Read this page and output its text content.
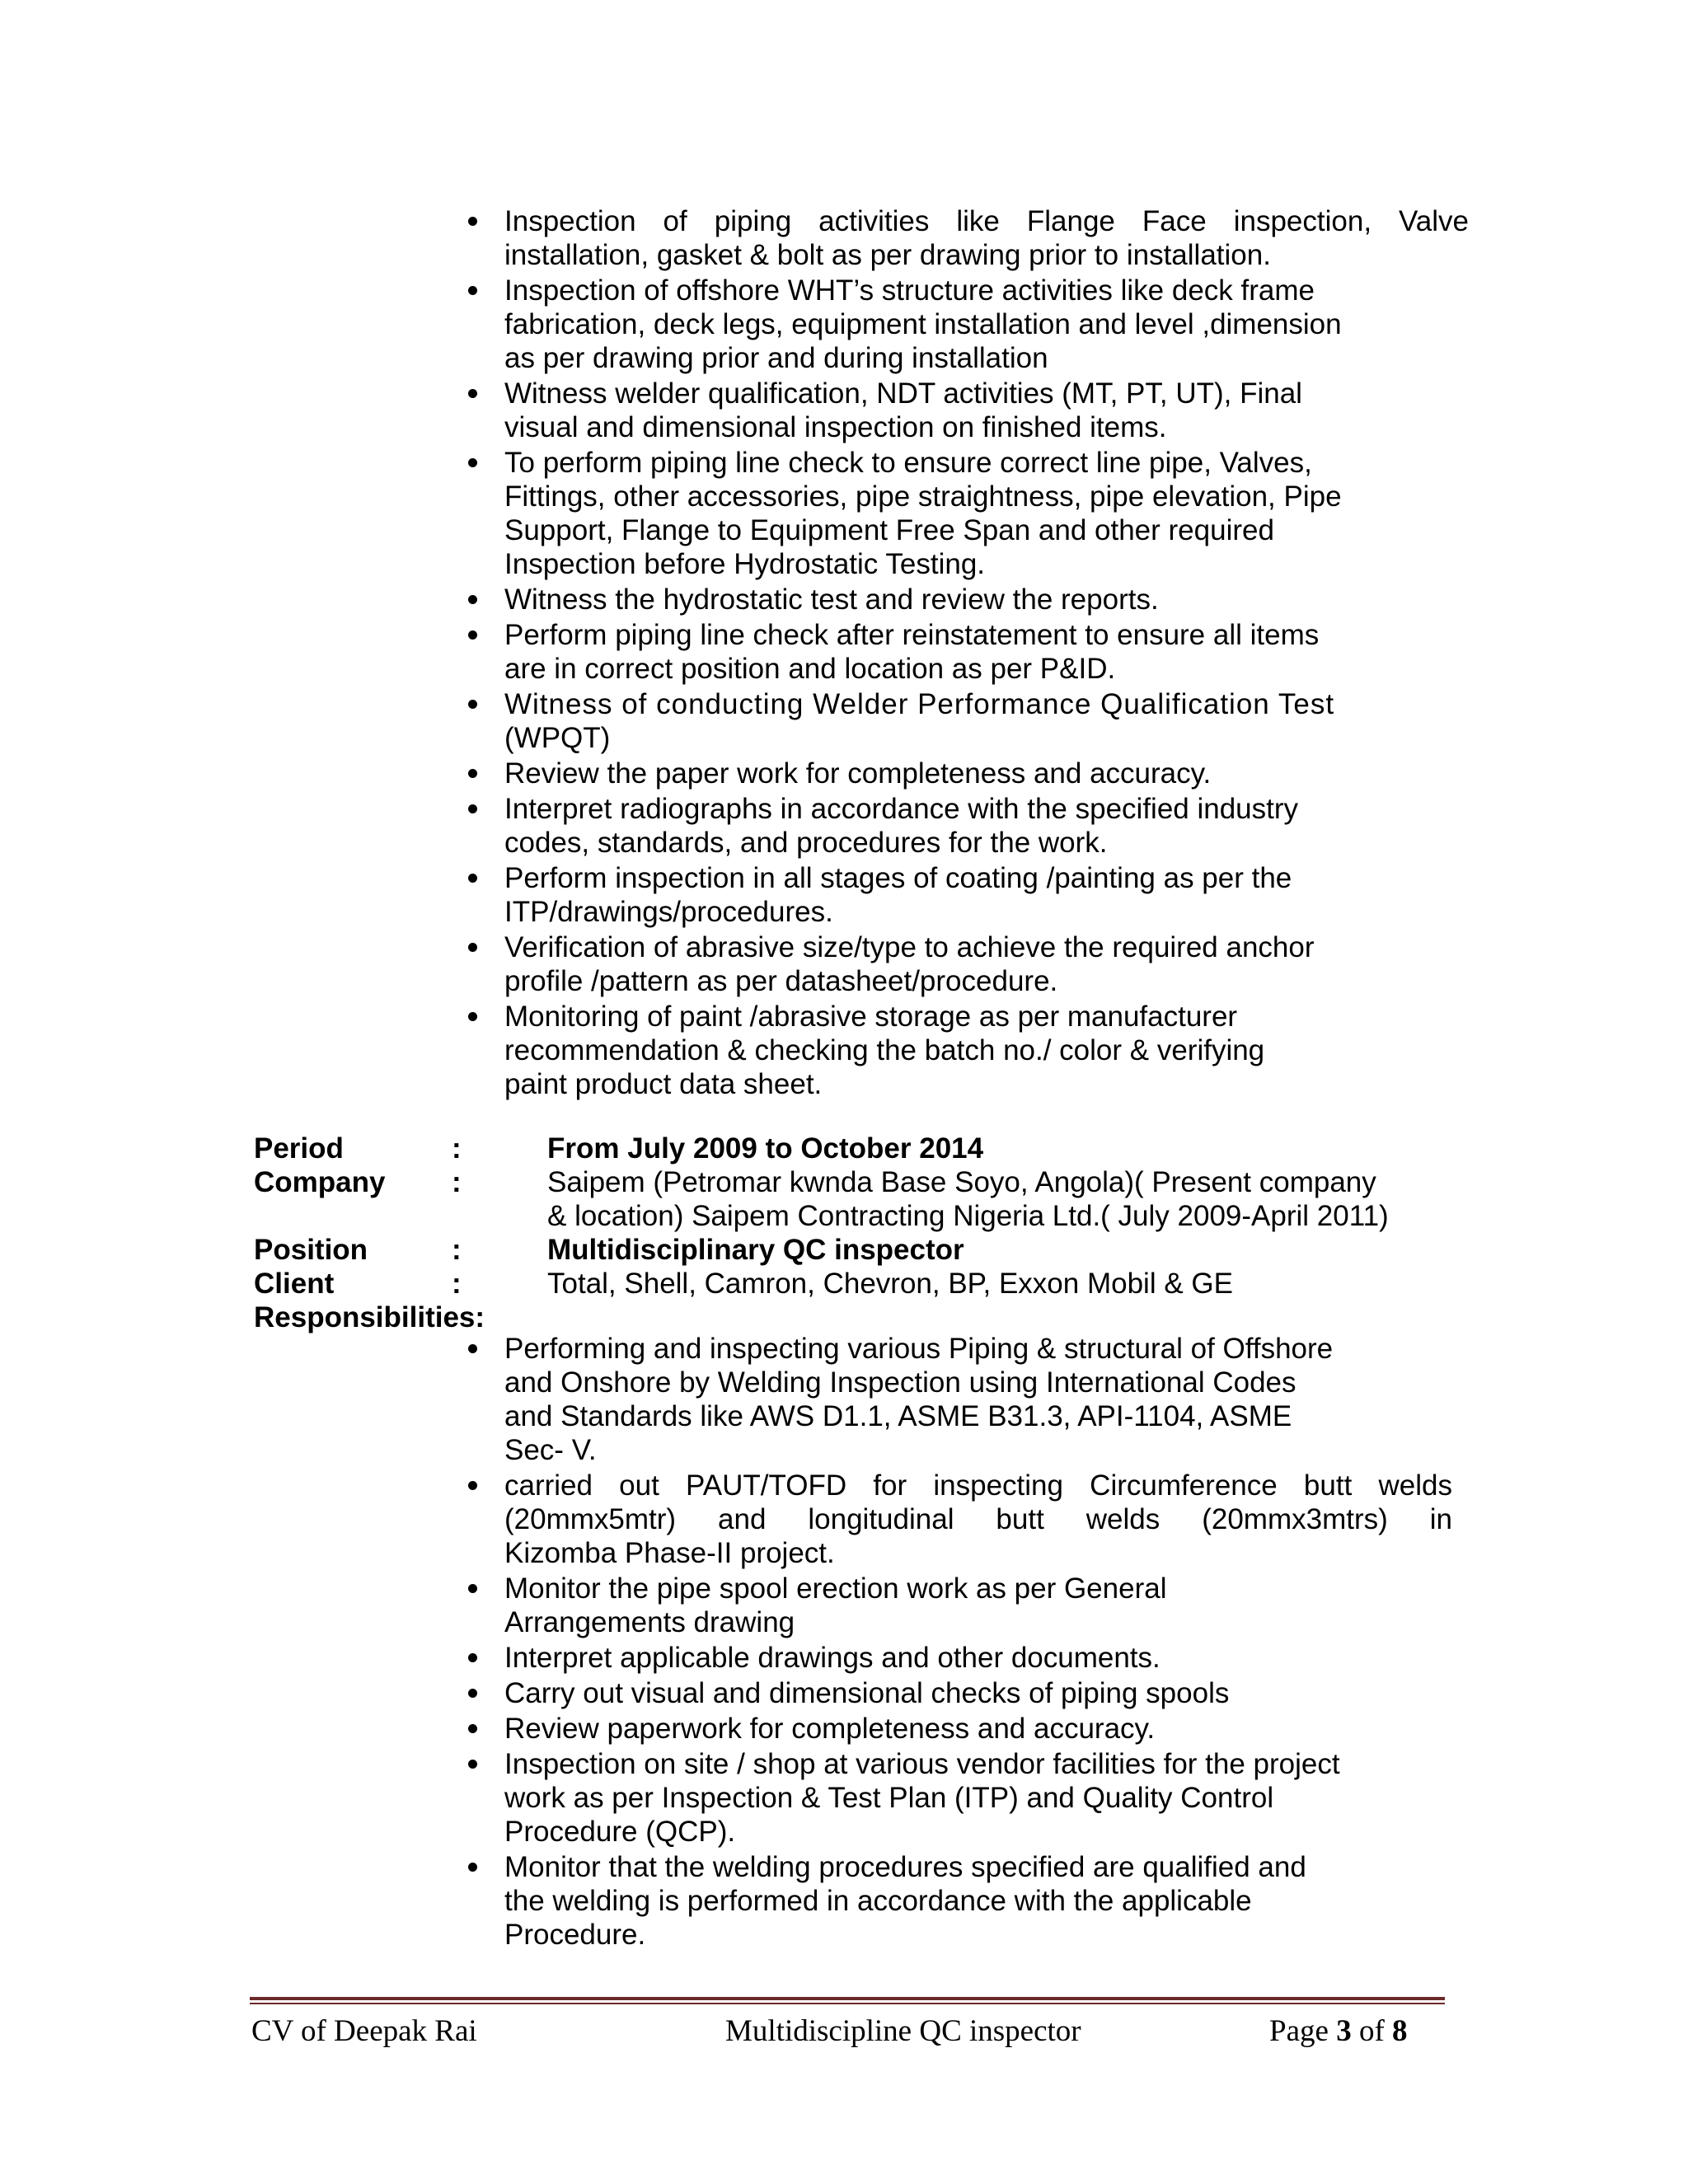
Inspection of piping activities like Flange Face inspection, Valve
installation, gasket & bolt as per drawing prior to installation.
Inspection of offshore WHT’s structure activities like deck frame
fabrication, deck legs, equipment installation and level ,dimension
as per drawing prior and during installation
Witness welder qualification, NDT activities (MT, PT, UT), Final
visual and dimensional inspection on finished items.
To perform piping line check to ensure correct line pipe, Valves,
Fittings, other accessories, pipe straightness, pipe elevation, Pipe
Support, Flange to Equipment Free Span and other required
Inspection before Hydrostatic Testing.
Witness the hydrostatic test and review the reports.
Perform piping line check after reinstatement to ensure all items
are in correct position and location as per P&ID.
Witness of conducting Welder Performance Qualification Test
(WPQT)
Review the paper work for completeness and accuracy.
Interpret radiographs in accordance with the specified industry
codes, standards, and procedures for the work.
Perform inspection in all stages of coating /painting as per the
ITP/drawings/procedures.
Verification of abrasive size/type to achieve the required anchor
profile /pattern as per datasheet/procedure.
Monitoring of paint /abrasive storage as per manufacturer
recommendation & checking the batch no./ color & verifying
paint product data sheet.
Period	:	From July 2009 to October 2014
Company	:	Saipem (Petromar kwnda Base Soyo, Angola)( Present company
& location) Saipem Contracting Nigeria Ltd.( July 2009-April 2011)
Position	:	Multidisciplinary QC inspector
Client	:	Total, Shell, Camron, Chevron, BP, Exxon Mobil & GE
Responsibilities:
Performing and inspecting various Piping & structural of Offshore
and Onshore by Welding Inspection using International Codes
and Standards like AWS D1.1, ASME B31.3, API-1104, ASME
Sec- V.
carried out PAUT/TOFD for inspecting Circumference butt welds
(20mmx5mtr) and longitudinal butt welds (20mmx3mtrs) in
Kizomba Phase-II project.
Monitor the pipe spool erection work as per General
Arrangements drawing
Interpret applicable drawings and other documents.
Carry out visual and dimensional checks of piping spools
Review paperwork for completeness and accuracy.
Inspection on site / shop at various vendor facilities for the project
work as per Inspection & Test Plan (ITP) and Quality Control
Procedure (QCP).
Monitor that the welding procedures specified are qualified and
the welding is performed in accordance with the applicable
Procedure.
CV of Deepak Rai	Multidiscipline QC inspector	Page 3 of 8
